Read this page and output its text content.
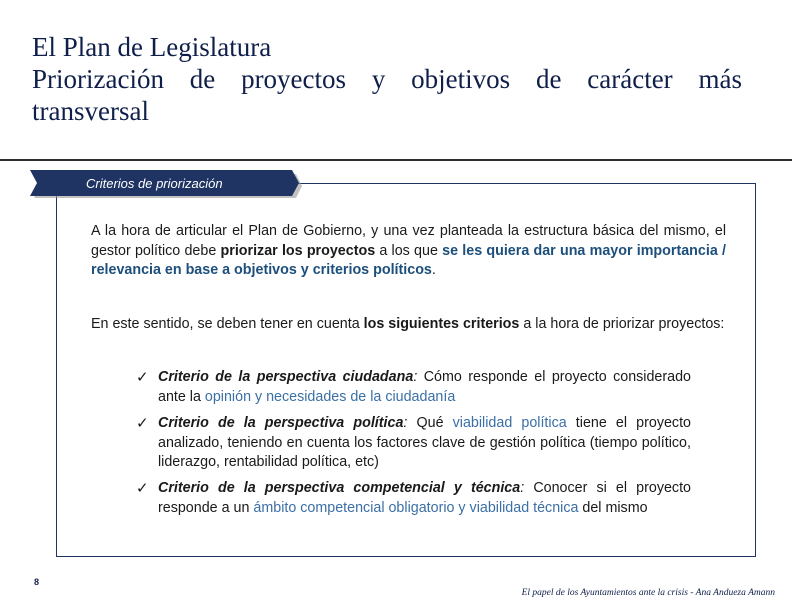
El Plan de Legislatura
Priorización de proyectos y objetivos de carácter más
transversal
Criterios de priorización
A la hora de articular el Plan de Gobierno, y una vez planteada la estructura básica del mismo, el gestor político debe priorizar los proyectos a los que se les quiera dar una mayor importancia / relevancia en base a objetivos y criterios políticos.
En este sentido, se deben tener en cuenta los siguientes criterios a la hora de priorizar proyectos:
✓ Criterio de la perspectiva ciudadana: Cómo responde el proyecto considerado ante la opinión y necesidades de la ciudadanía
✓ Criterio de la perspectiva política: Qué viabilidad política tiene el proyecto analizado, teniendo en cuenta los factores clave de gestión política (tiempo político, liderazgo, rentabilidad política, etc)
✓ Criterio de la perspectiva competencial y técnica: Conocer si el proyecto responde a un ámbito competencial obligatorio y viabilidad técnica del mismo
8
El papel de los Ayuntamientos ante la crisis - Ana Andueza Amann
